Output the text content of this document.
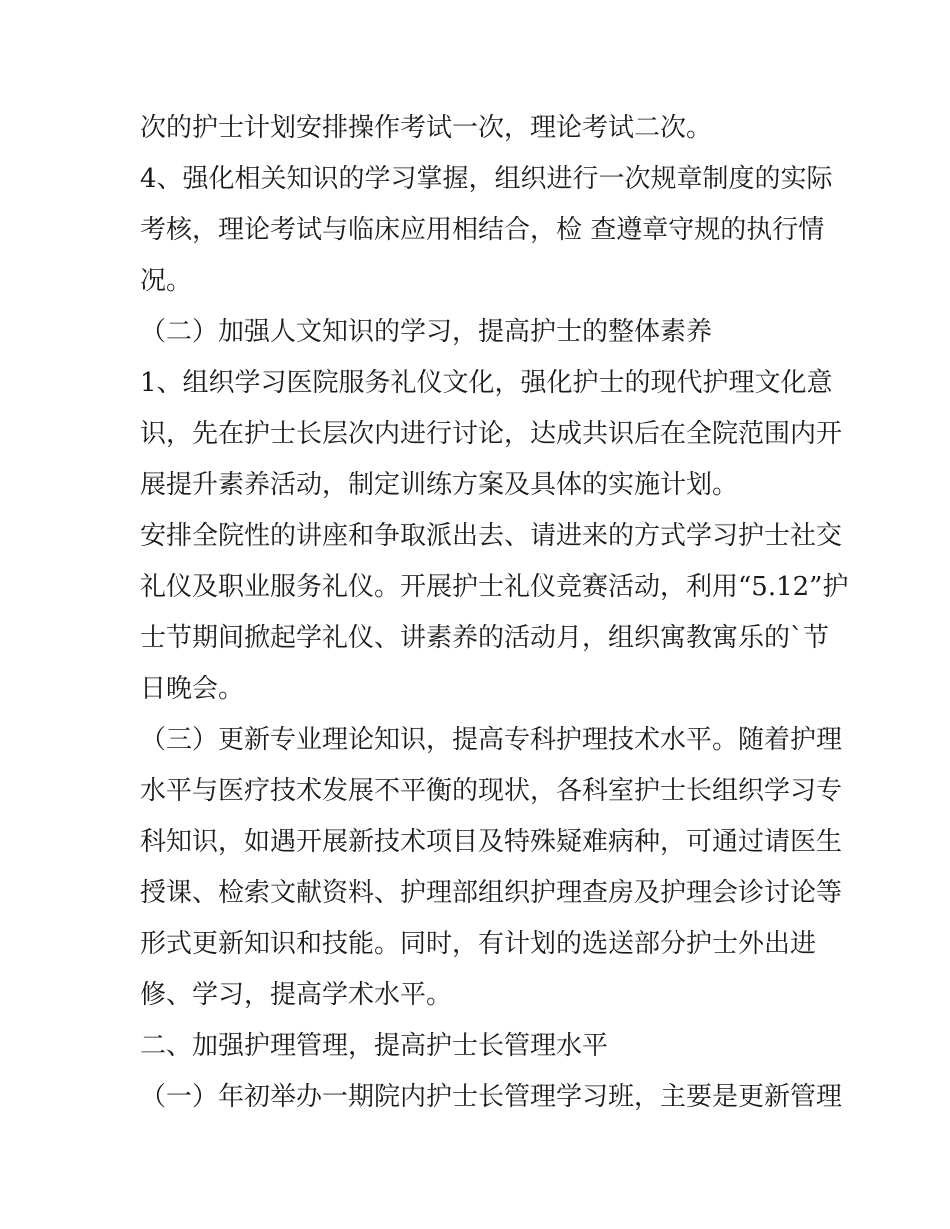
次的护士计划安排操作考试一次，理论考试二次。
4、强化相关知识的学习掌握，组织进行一次规章制度的实际
考核，理论考试与临床应用相结合，检 查遵章守规的执行情
况。
（二）加强人文知识的学习，提高护士的整体素养
1、组织学习医院服务礼仪文化，强化护士的现代护理文化意
识，先在护士长层次内进行讨论，达成共识后在全院范围内开
展提升素养活动，制定训练方案及具体的实施计划。
安排全院性的讲座和争取派出去、请进来的方式学习护士社交
礼仪及职业服务礼仪。开展护士礼仪竞赛活动，利用“5.12”护
士节期间掀起学礼仪、讲素养的活动月，组织寓教寓乐的`节
日晚会。
（三）更新专业理论知识，提高专科护理技术水平。随着护理
水平与医疗技术发展不平衡的现状，各科室护士长组织学习专
科知识，如遇开展新技术项目及特殊疑难病种，可通过请医生
授课、检索文献资料、护理部组织护理查房及护理会诊讨论等
形式更新知识和技能。同时，有计划的选送部分护士外出进
修、学习，提高学术水平。
二、加强护理管理，提高护士长管理水平
（一）年初举办一期院内护士长管理学习班，主要是更新管理
